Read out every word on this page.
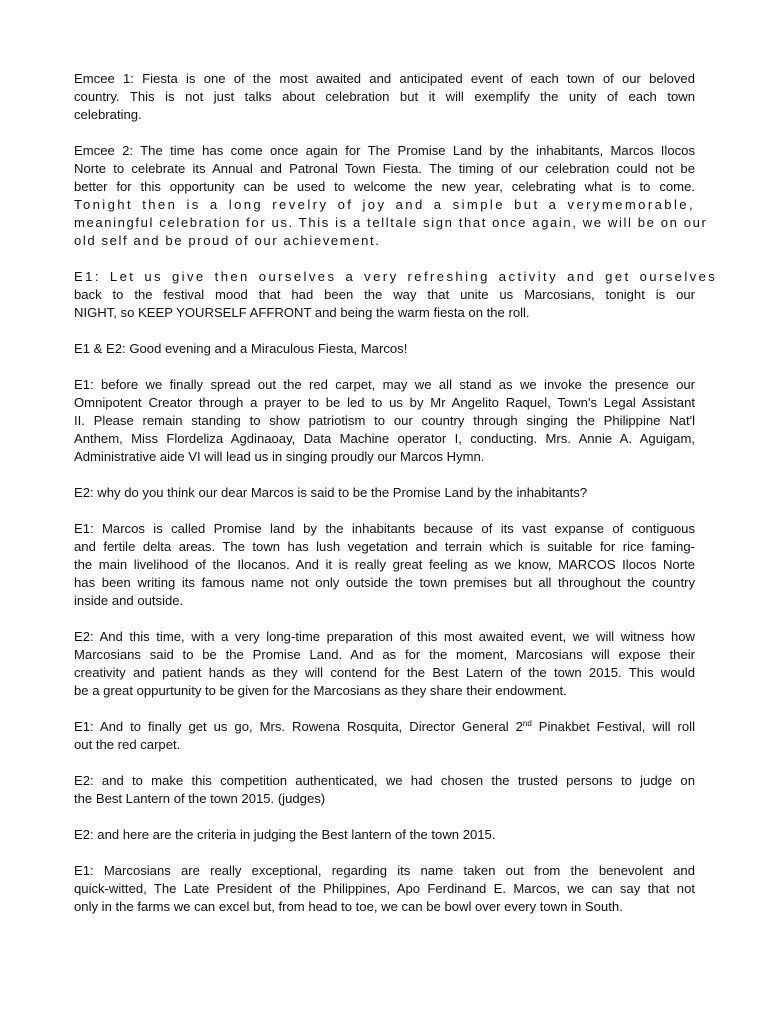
Emcee 1: Fiesta is one of the most awaited and anticipated event of each town of our beloved
country. This is not just talks about celebration but it will exemplify the unity of each town
celebrating.

Emcee 2: The time has come once again for The Promise Land by the inhabitants, Marcos Ilocos
Norte to celebrate its Annual and Patronal Town Fiesta. The timing of our celebration could not be
better for this opportunity can be used to welcome the new year, celebrating what is to come.
Tonight then is a long revelry of joy and a simple but a verymemorable,
meaningful celebration for us. This is a telltale sign that once again, we will be on our
old self and be proud of our achievement.

E1: Let us give then ourselves a very refreshing activity and get ourselves
back to the festival mood that had been the way that unite us Marcosians, tonight is our
NIGHT, so KEEP YOURSELF AFFRONT and being the warm fiesta on the roll.

E1 & E2: Good evening and a Miraculous Fiesta, Marcos!

E1: before we finally spread out the red carpet, may we all stand as we invoke the presence our
Omnipotent Creator through a prayer to be led to us by Mr Angelito Raquel, Town's Legal Assistant
II. Please remain standing to show patriotism to our country through singing the Philippine Nat'l
Anthem, Miss Flordeliza Agdinaoay, Data Machine operator I, conducting. Mrs. Annie A. Aguigam,
Administrative aide VI will lead us in singing proudly our Marcos Hymn.

E2: why do you think our dear Marcos is said to be the Promise Land by the inhabitants?

E1: Marcos is called Promise land by the inhabitants because of its vast expanse of contiguous
and fertile delta areas. The town has lush vegetation and terrain which is suitable for rice faming-
the main livelihood of the Ilocanos. And it is really great feeling as we know, MARCOS Ilocos Norte
has been writing its famous name not only outside the town premises but all throughout the country
inside and outside.

E2: And this time, with a very long-time preparation of this most awaited event, we will witness how
Marcosians said to be the Promise Land. And as for the moment, Marcosians will expose their
creativity and patient hands as they will contend for the Best Latern of the town 2015. This would
be a great oppurtunity to be given for the Marcosians as they share their endowment.

E1: And to finally get us go, Mrs. Rowena Rosquita, Director General 2nd Pinakbet Festival, will roll
out the red carpet.

E2: and to make this competition authenticated, we had chosen the trusted persons to judge on
the Best Lantern of the town 2015. (judges)

E2: and here are the criteria in judging the Best lantern of the town 2015.

E1: Marcosians are really exceptional, regarding its name taken out from the benevolent and
quick-witted, The Late President of the Philippines, Apo Ferdinand E. Marcos, we can say that not
only in the farms we can excel but, from head to toe, we can be bowl over every town in South.
